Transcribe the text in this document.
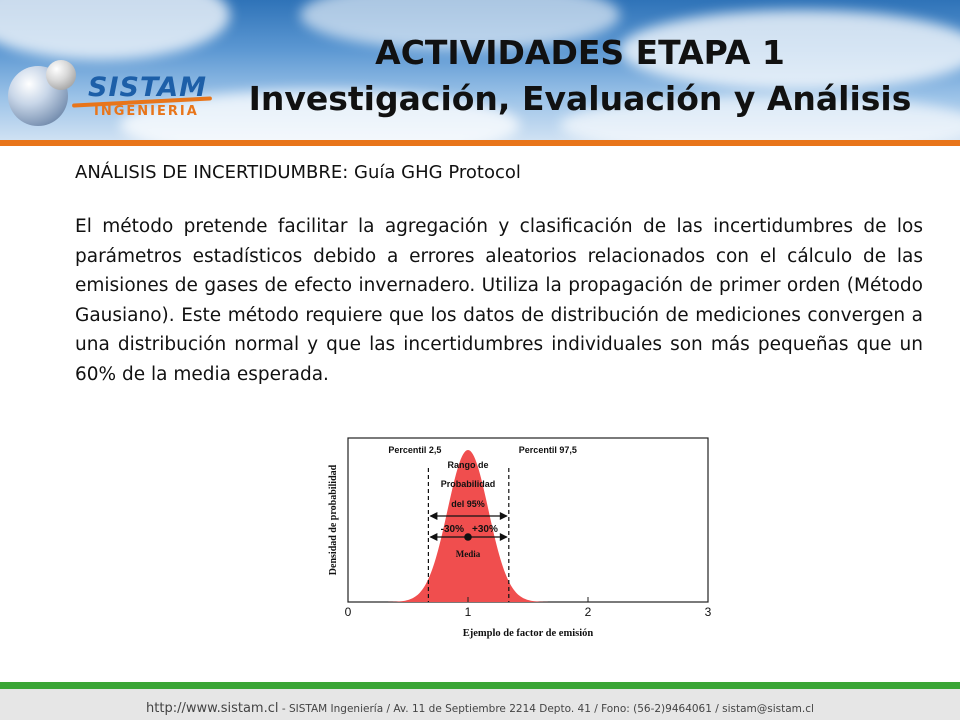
SISTAM
INGENIERIA
ACTIVIDADES ETAPA 1
Investigación, Evaluación y Análisis
ANÁLISIS DE INCERTIDUMBRE: Guía GHG Protocol
El método pretende facilitar la agregación y clasificación de las incertidumbres de los parámetros estadísticos debido a errores aleatorios relacionados con el cálculo de las emisiones de gases de efecto invernadero. Utiliza la propagación de primer orden (Método Gausiano). Este método requiere que los datos de distribución de mediciones convergen a una distribución normal y que las incertidumbres individuales son más pequeñas que un 60% de la media esperada.
0	1	2	3
Ejemplo de factor de emisión
Densidad de probabilidad
Percentil 2,5	Percentil 97,5
Rango de
Probabilidad
del 95%
-30% +30%
Media
http://www.sistam.cl - SISTAM Ingeniería / Av. 11 de Septiembre 2214 Depto. 41 / Fono: (56-2)9464061 / sistam@sistam.cl
